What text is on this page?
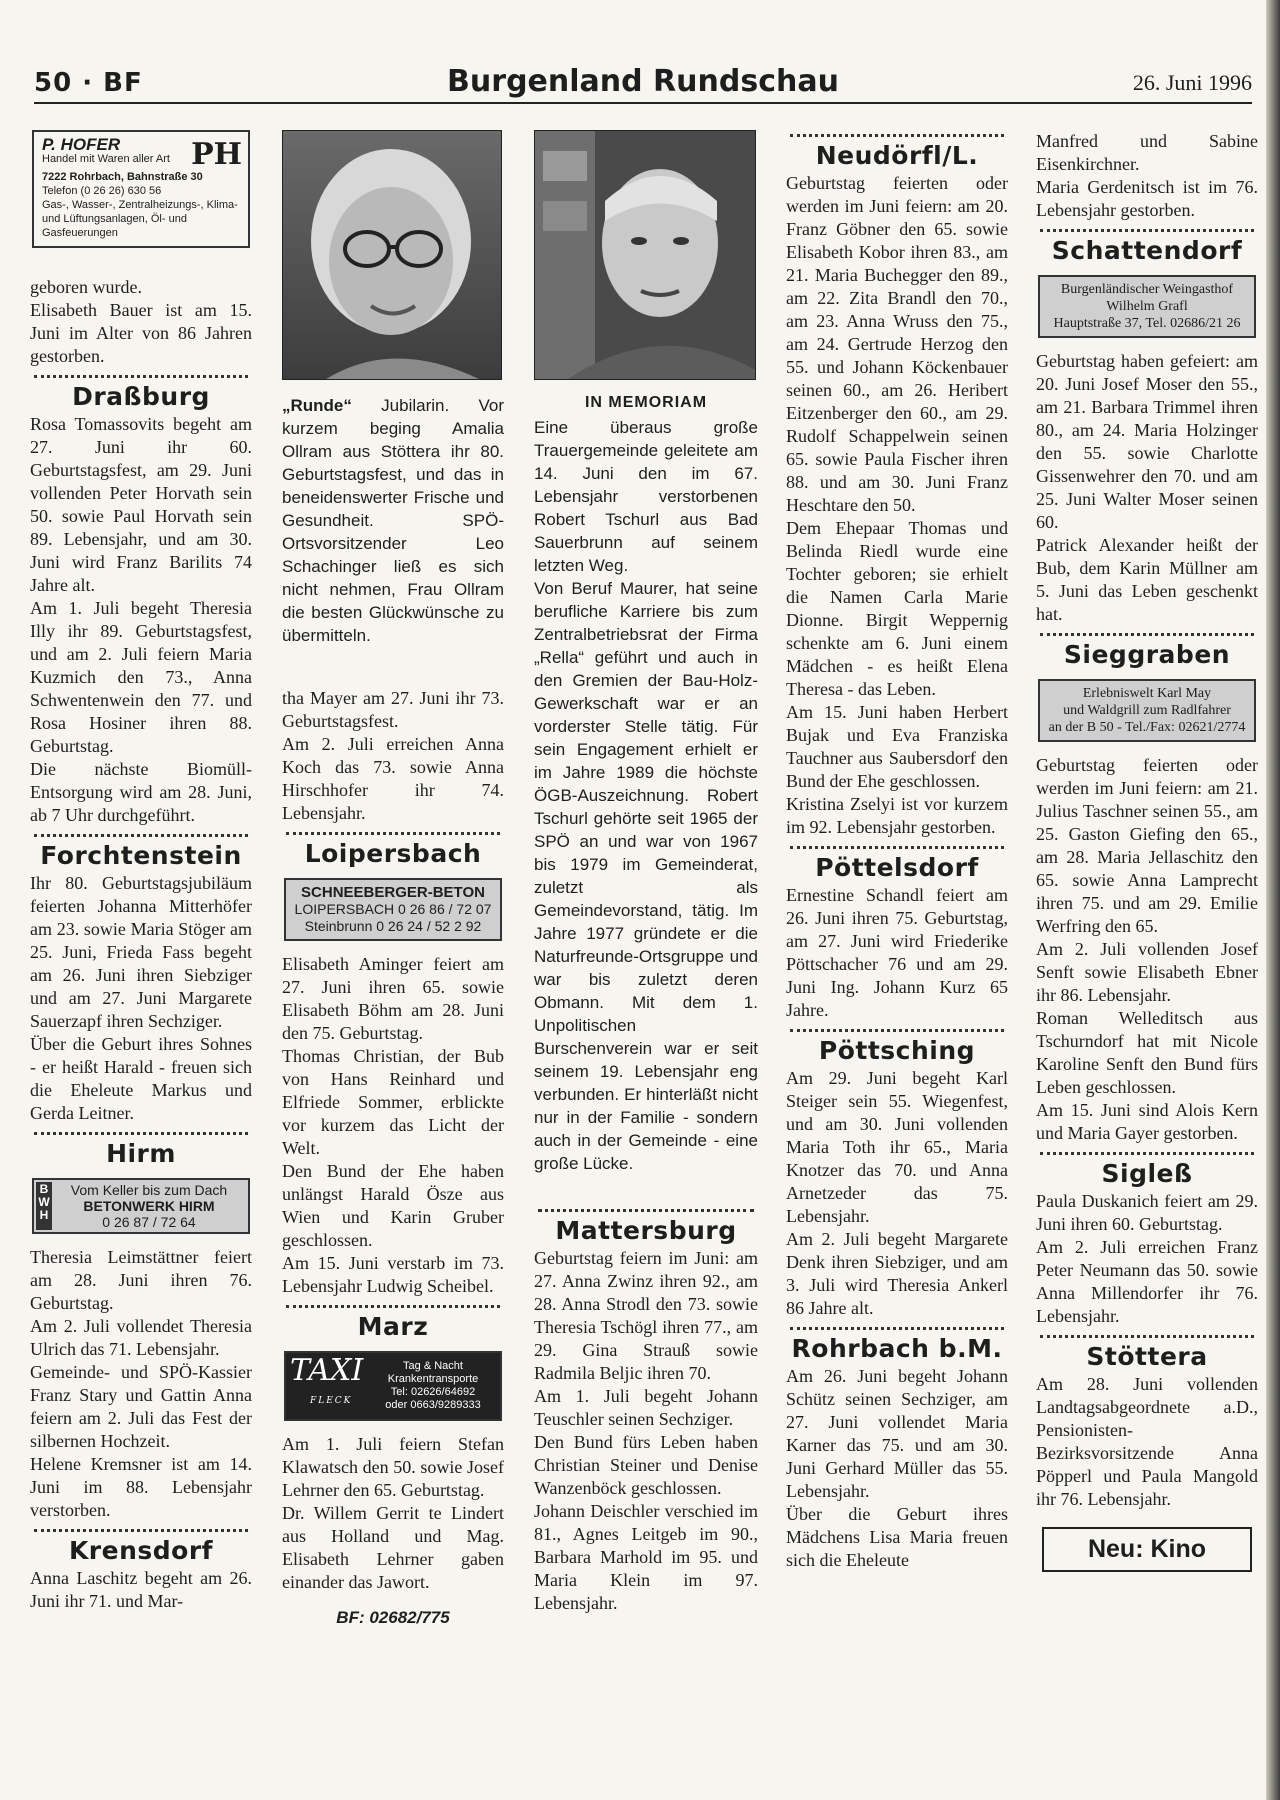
50 · BF	Burgenland Rundschau	26. Juni 1996
PH
P. HOFER
Handel mit Waren aller Art
7222 Rohrbach, Bahnstraße 30
Telefon (0 26 26) 630 56
Gas-, Wasser-, Zentralheizungs-, Klima- und Lüftungsanlagen, Öl- und Gasfeuerungen

geboren wurde.

Elisabeth Bauer ist am 15. Juni im Alter von 86 Jahren gestorben.

Draßburg

Rosa Tomassovits begeht am 27. Juni ihr 60. Geburtstagsfest, am 29. Juni vollenden Peter Horvath sein 50. sowie Paul Horvath sein 89. Lebensjahr, und am 30. Juni wird Franz Barilits 74 Jahre alt.

Am 1. Juli begeht Theresia Illy ihr 89. Geburtstagsfest, und am 2. Juli feiern Maria Kuzmich den 73., Anna Schwentenwein den 77. und Rosa Hosiner ihren 88. Geburtstag.

Die nächste Biomüll-Entsorgung wird am 28. Juni, ab 7 Uhr durchgeführt.

Forchtenstein

Ihr 80. Geburtstagsjubiläum feierten Johanna Mitterhöfer am 23. sowie Maria Stöger am 25. Juni, Frieda Fass begeht am 26. Juni ihren Siebziger und am 27. Juni Margarete Sauerzapf ihren Sechziger.

Über die Geburt ihres Sohnes - er heißt Harald - freuen sich die Eheleute Markus und Gerda Leitner.

Hirm
BWH
Vom Keller bis zum Dach
BETONWERK HIRM
0 26 87 / 72 64

Theresia Leimstättner feiert am 28. Juni ihren 76. Geburtstag.

Am 2. Juli vollendet Theresia Ulrich das 71. Lebensjahr.

Gemeinde- und SPÖ-Kassier Franz Stary und Gattin Anna feiern am 2. Juli das Fest der silbernen Hochzeit.

Helene Kremsner ist am 14. Juni im 88. Lebensjahr verstorben.

Krensdorf

Anna Laschitz begeht am 26. Juni ihr 71. und Mar-

„Runde“ Jubilarin. Vor kurzem beging Amalia Ollram aus Stöttera ihr 80. Geburtstagsfest, und das in beneidenswerter Frische und Gesundheit. SPÖ-Ortsvorsitzender Leo Schachinger ließ es sich nicht nehmen, Frau Ollram die besten Glückwünsche zu übermitteln.

tha Mayer am 27. Juni ihr 73. Geburtstagsfest.

Am 2. Juli erreichen Anna Koch das 73. sowie Anna Hirschhofer ihr 74. Lebensjahr.

Loipersbach
SCHNEEBERGER-BETON
LOIPERSBACH 0 26 86 / 72 07
Steinbrunn 0 26 24 / 52 2 92

Elisabeth Aminger feiert am 27. Juni ihren 65. sowie Elisabeth Böhm am 28. Juni den 75. Geburtstag.

Thomas Christian, der Bub von Hans Reinhard und Elfriede Sommer, erblickte vor kurzem das Licht der Welt.

Den Bund der Ehe haben unlängst Harald Ösze aus Wien und Karin Gruber geschlossen.

Am 15. Juni verstarb im 73. Lebensjahr Ludwig Scheibel.

Marz
TAXI
FLECK
Tag & Nacht
Krankentransporte
Tel: 02626/64692
oder 0663/9289333

Am 1. Juli feiern Stefan Klawatsch den 50. sowie Josef Lehrner den 65. Geburtstag.

Dr. Willem Gerrit te Lindert aus Holland und Mag. Elisabeth Lehrner gaben einander das Jawort.

BF: 02682/775
IN MEMORIAM

Eine überaus große Trauergemeinde geleitete am 14. Juni den im 67. Lebensjahr verstorbenen Robert Tschurl aus Bad Sauerbrunn auf seinem letzten Weg.

Von Beruf Maurer, hat seine berufliche Karriere bis zum Zentralbetriebsrat der Firma „Rella“ geführt und auch in den Gremien der Bau-Holz-Gewerkschaft war er an vorderster Stelle tätig. Für sein Engagement erhielt er im Jahre 1989 die höchste ÖGB-Auszeichnung. Robert Tschurl gehörte seit 1965 der SPÖ an und war von 1967 bis 1979 im Gemeinderat, zuletzt als Gemeindevorstand, tätig. Im Jahre 1977 gründete er die Naturfreunde-Ortsgruppe und war bis zuletzt deren Obmann. Mit dem 1. Unpolitischen Burschenverein war er seit seinem 19. Lebensjahr eng verbunden. Er hinterläßt nicht nur in der Familie - sondern auch in der Gemeinde - eine große Lücke.

Mattersburg

Geburtstag feiern im Juni: am 27. Anna Zwinz ihren 92., am 28. Anna Strodl den 73. sowie Theresia Tschögl ihren 77., am 29. Gina Strauß sowie Radmila Beljic ihren 70.

Am 1. Juli begeht Johann Teuschler seinen Sechziger.

Den Bund fürs Leben haben Christian Steiner und Denise Wanzenböck geschlossen.

Johann Deischler verschied im 81., Agnes Leitgeb im 90., Barbara Marhold im 95. und Maria Klein im 97. Lebensjahr.

Neudörfl/L.

Geburtstag feierten oder werden im Juni feiern: am 20. Franz Göbner den 65. sowie Elisabeth Kobor ihren 83., am 21. Maria Buchegger den 89., am 22. Zita Brandl den 70., am 23. Anna Wruss den 75., am 24. Gertrude Herzog den 55. und Johann Köckenbauer seinen 60., am 26. Heribert Eitzenberger den 60., am 29. Rudolf Schappelwein seinen 65. sowie Paula Fischer ihren 88. und am 30. Juni Franz Heschtare den 50.

Dem Ehepaar Thomas und Belinda Riedl wurde eine Tochter geboren; sie erhielt die Namen Carla Marie Dionne. Birgit Weppernig schenkte am 6. Juni einem Mädchen - es heißt Elena Theresa - das Leben.

Am 15. Juni haben Herbert Bujak und Eva Franziska Tauchner aus Saubersdorf den Bund der Ehe geschlossen.

Kristina Zselyi ist vor kurzem im 92. Lebensjahr gestorben.

Pöttelsdorf

Ernestine Schandl feiert am 26. Juni ihren 75. Geburtstag, am 27. Juni wird Friederike Pöttschacher 76 und am 29. Juni Ing. Johann Kurz 65 Jahre.

Pöttsching

Am 29. Juni begeht Karl Steiger sein 55. Wiegenfest, und am 30. Juni vollenden Maria Toth ihr 65., Maria Knotzer das 70. und Anna Arnetzeder das 75. Lebensjahr.

Am 2. Juli begeht Margarete Denk ihren Siebziger, und am 3. Juli wird Theresia Ankerl 86 Jahre alt.

Rohrbach b.M.

Am 26. Juni begeht Johann Schütz seinen Sechziger, am 27. Juni vollendet Maria Karner das 75. und am 30. Juni Gerhard Müller das 55. Lebensjahr.

Über die Geburt ihres Mädchens Lisa Maria freuen sich die Eheleute

Manfred und Sabine Eisenkirchner.

Maria Gerdenitsch ist im 76. Lebensjahr gestorben.

Schattendorf
Burgenländischer Weingasthof
Wilhelm Grafl
Hauptstraße 37, Tel. 02686/21 26

Geburtstag haben gefeiert: am 20. Juni Josef Moser den 55., am 21. Barbara Trimmel ihren 80., am 24. Maria Holzinger den 55. sowie Charlotte Gissenwehrer den 70. und am 25. Juni Walter Moser seinen 60.

Patrick Alexander heißt der Bub, dem Karin Müllner am 5. Juni das Leben geschenkt hat.

Sieggraben
Erlebniswelt Karl May
und Waldgrill zum Radlfahrer
an der B 50 - Tel./Fax: 02621/2774

Geburtstag feierten oder werden im Juni feiern: am 21. Julius Taschner seinen 55., am 25. Gaston Giefing den 65., am 28. Maria Jellaschitz den 65. sowie Anna Lamprecht ihren 75. und am 29. Emilie Werfring den 65.

Am 2. Juli vollenden Josef Senft sowie Elisabeth Ebner ihr 86. Lebensjahr.

Roman Welleditsch aus Tschurndorf hat mit Nicole Karoline Senft den Bund fürs Leben geschlossen.

Am 15. Juni sind Alois Kern und Maria Gayer gestorben.

Sigleß

Paula Duskanich feiert am 29. Juni ihren 60. Geburtstag.

Am 2. Juli erreichen Franz Peter Neumann das 50. sowie Anna Millendorfer ihr 76. Lebensjahr.

Stöttera

Am 28. Juni vollenden Landtagsabgeordnete a.D., Pensionisten-Bezirksvorsitzende Anna Pöpperl und Paula Mangold ihr 76. Lebensjahr.

Neu: Kino
